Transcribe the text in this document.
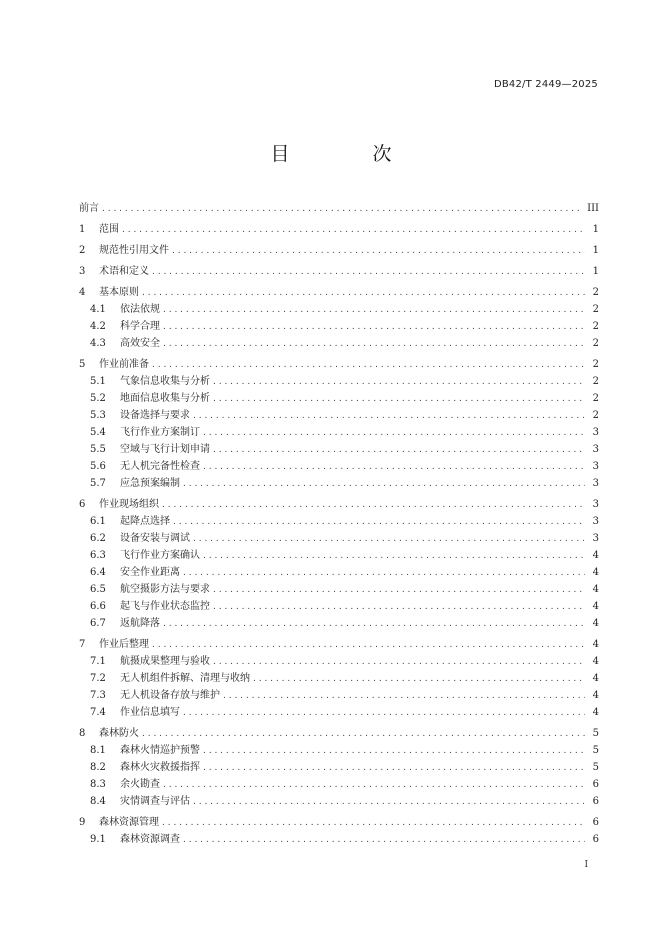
DB42/T 2449—2025
目　次
前言 . . .	III
1	范围 . . .	1
2	规范性引用文件 . . .	1
3	术语和定义 . . .	1
4	基本原则 . . .	2
4.1	依法依规 . . .	2
4.2	科学合理 . . .	2
4.3	高效安全 . . .	2
5	作业前准备 . . .	2
5.1	气象信息收集与分析 . . .	2
5.2	地面信息收集与分析 . . .	2
5.3	设备选择与要求 . . .	2
5.4	飞行作业方案制订 . . .	3
5.5	空域与飞行计划申请 . . .	3
5.6	无人机完备性检查 . . .	3
5.7	应急预案编制 . . .	3
6	作业现场组织 . . .	3
6.1	起降点选择 . . .	3
6.2	设备安装与调试 . . .	3
6.3	飞行作业方案确认 . . .	4
6.4	安全作业距离 . . .	4
6.5	航空摄影方法与要求 . . .	4
6.6	起飞与作业状态监控 . . .	4
6.7	返航降落 . . .	4
7	作业后整理 . . .	4
7.1	航摄成果整理与验收 . . .	4
7.2	无人机组件拆解、清理与收纳 . . .	4
7.3	无人机设备存放与维护 . . .	4
7.4	作业信息填写 . . .	4
8	森林防火 . . .	5
8.1	森林火情巡护预警 . . .	5
8.2	森林火灾救援指挥 . . .	5
8.3	余火勘查 . . .	6
8.4	灾情调查与评估 . . .	6
9	森林资源管理 . . .	6
9.1	森林资源调查 . . .	6
I
